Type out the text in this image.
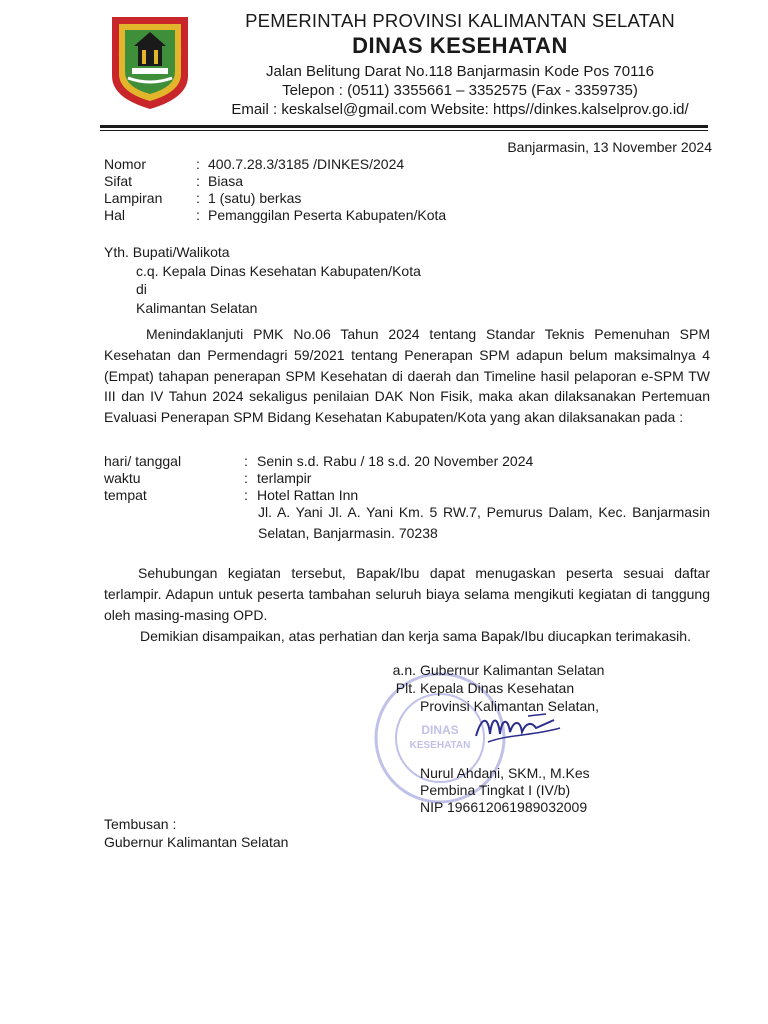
PEMERINTAH PROVINSI KALIMANTAN SELATAN
DINAS KESEHATAN
Jalan Belitung Darat No.118 Banjarmasin Kode Pos 70116
Telepon : (0511) 3355661 – 3352575 (Fax - 3359735)
Email : keskalsel@gmail.com Website: https//dinkes.kalselprov.go.id/
Banjarmasin, 13 November 2024
Nomor	: 400.7.28.3/3185 /DINKES/2024
Sifat	: Biasa
Lampiran : 1 (satu) berkas
Hal	: Pemanggilan Peserta Kabupaten/Kota
Yth. Bupati/Walikota
c.q. Kepala Dinas Kesehatan Kabupaten/Kota
di
Kalimantan Selatan
Menindaklanjuti PMK No.06 Tahun 2024 tentang Standar Teknis Pemenuhan SPM Kesehatan dan Permendagri 59/2021 tentang Penerapan SPM adapun belum maksimalnya 4 (Empat) tahapan penerapan SPM Kesehatan di daerah dan Timeline hasil pelaporan e-SPM TW III dan IV Tahun 2024 sekaligus penilaian DAK Non Fisik, maka akan dilaksanakan Pertemuan Evaluasi Penerapan SPM Bidang Kesehatan Kabupaten/Kota yang akan dilaksanakan pada :
hari/ tanggal	: Senin s.d. Rabu / 18 s.d. 20 November 2024
waktu	: terlampir
tempat	: Hotel Rattan Inn
Jl. A. Yani Jl. A. Yani Km. 5 RW.7, Pemurus Dalam, Kec. Banjarmasin Selatan, Banjarmasin. 70238
Sehubungan kegiatan tersebut, Bapak/Ibu dapat menugaskan peserta sesuai daftar terlampir. Adapun untuk peserta tambahan seluruh biaya selama mengikuti kegiatan di tanggung oleh masing-masing OPD.
Demikian disampaikan, atas perhatian dan kerja sama Bapak/Ibu diucapkan terimakasih.
DINAS
KESEHATAN
a.n. Gubernur Kalimantan Selatan
Plt. Kepala Dinas Kesehatan
Provinsi Kalimantan Selatan,
Nurul Ahdani, SKM., M.Kes
Pembina Tingkat I (IV/b)
NIP 196612061989032009
Tembusan :
Gubernur Kalimantan Selatan
